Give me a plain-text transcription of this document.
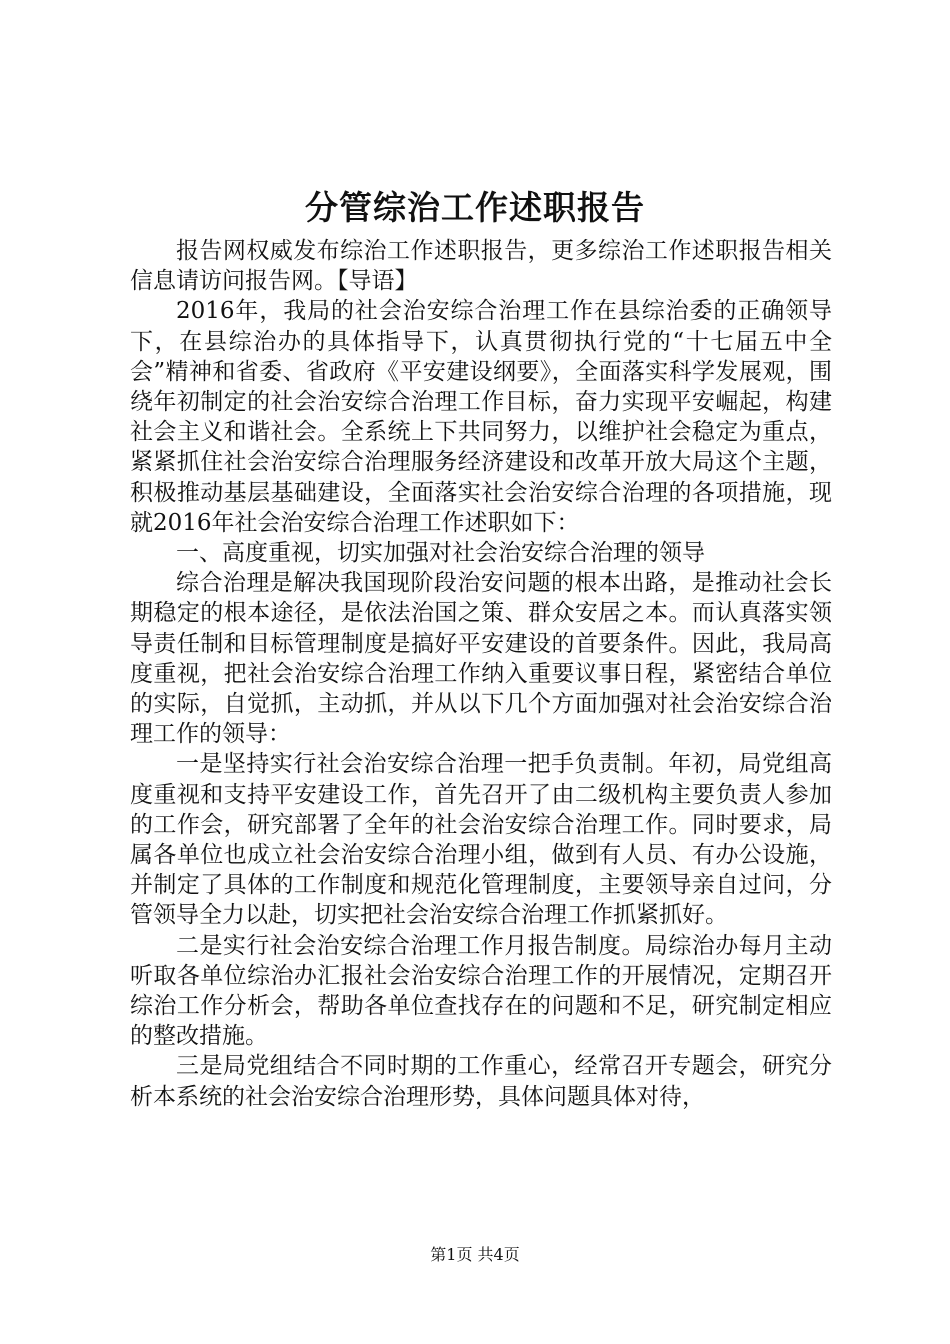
分管综治工作述职报告

报告网权威发布综治工作述职报告，更多综治工作述职报告相关信息请访问报告网。【导语】

2016年，我局的社会治安综合治理工作在县综治委的正确领导下，在县综治办的具体指导下，认真贯彻执行党的“十七届五中全会”精神和省委、省政府《平安建设纲要》，全面落实科学发展观，围绕年初制定的社会治安综合治理工作目标，奋力实现平安崛起，构建社会主义和谐社会。全系统上下共同努力，以维护社会稳定为重点，紧紧抓住社会治安综合治理服务经济建设和改革开放大局这个主题，积极推动基层基础建设，全面落实社会治安综合治理的各项措施，现就2016年社会治安综合治理工作述职如下：

一、高度重视，切实加强对社会治安综合治理的领导

综合治理是解决我国现阶段治安问题的根本出路，是推动社会长期稳定的根本途径，是依法治国之策、群众安居之本。而认真落实领导责任制和目标管理制度是搞好平安建设的首要条件。因此，我局高度重视，把社会治安综合治理工作纳入重要议事日程，紧密结合单位的实际，自觉抓，主动抓，并从以下几个方面加强对社会治安综合治理工作的领导：

一是坚持实行社会治安综合治理一把手负责制。年初，局党组高度重视和支持平安建设工作，首先召开了由二级机构主要负责人参加的工作会，研究部署了全年的社会治安综合治理工作。同时要求，局属各单位也成立社会治安综合治理小组，做到有人员、有办公设施，并制定了具体的工作制度和规范化管理制度，主要领导亲自过问，分管领导全力以赴，切实把社会治安综合治理工作抓紧抓好。

二是实行社会治安综合治理工作月报告制度。局综治办每月主动听取各单位综治办汇报社会治安综合治理工作的开展情况，定期召开综治工作分析会，帮助各单位查找存在的问题和不足，研究制定相应的整改措施。

三是局党组结合不同时期的工作重心，经常召开专题会，研究分析本系统的社会治安综合治理形势，具体问题具体对待，

第1页 共4页
